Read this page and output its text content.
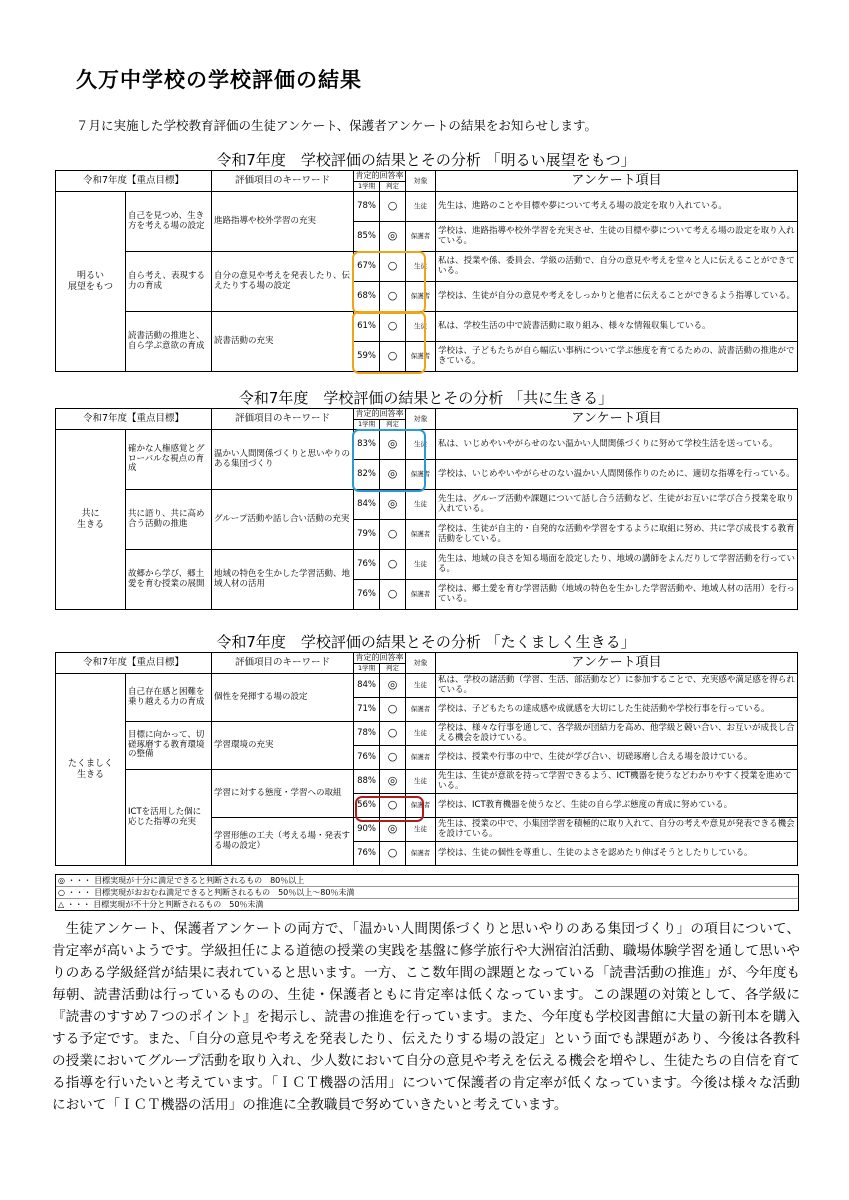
久万中学校の学校評価の結果

７月に実施した学校教育評価の生徒アンケート、保護者アンケートの結果をお知らせします。

令和7年度　学校評価の結果とその分析 「明るい展望をもつ」
令和7年度【重点目標】		評価項目のキーワード	肯定的回答率
1学期 判定		対象	アンケート項目
明るい
展望をもつ	自己を見つめ、生き方を考える場の設定	進路指導や校外学習の充実	78%	○	生徒	先生は、進路のことや目標や夢について考える場の設定を取り入れている。
			85%	◎	保護者	学校は、進路指導や校外学習を充実させ、生徒の目標や夢について考える場の設定を取り入れている。
	自ら考え、表現する力の育成	自分の意見や考えを発表したり、伝えたりする場の設定	67%	○	生徒	私は、授業や係、委員会、学級の活動で、自分の意見や考えを堂々と人に伝えることができている。
			68%	○	保護者	学校は、生徒が自分の意見や考えをしっかりと他者に伝えることができるよう指導している。
	読書活動の推進と、自ら学ぶ意欲の育成	読書活動の充実	61%	○	生徒	私は、学校生活の中で読書活動に取り組み、様々な情報収集している。
			59%	○	保護者	学校は、子どもたちが自ら幅広い事柄について学ぶ態度を育てるための、読書活動の推進ができている。
令和7年度　学校評価の結果とその分析 「共に生きる」
令和7年度【重点目標】		評価項目のキーワード	肯定的回答率
1学期 判定		対象	アンケート項目
共に
生きる	確かな人権感覚とグローバルな視点の育成	温かい人間関係づくりと思いやりのある集団づくり	83%	◎	生徒	私は、いじめやいやがらせのない温かい人間関係づくりに努めて学校生活を送っている。
			82%	◎	保護者	学校は、いじめやいやがらせのない温かい人間関係作りのために、適切な指導を行っている。
	共に語り、共に高め合う活動の推進	グループ活動や話し合い活動の充実	84%	◎	生徒	先生は、グループ活動や課題について話し合う活動など、生徒がお互いに学び合う授業を取り入れている。
			79%	○	保護者	学校は、生徒が自主的・自発的な活動や学習をするように取組に努め、共に学び成長する教育活動をしている。
	故郷から学び、郷土愛を育む授業の展開	地域の特色を生かした学習活動、地域人材の活用	76%	○	生徒	先生は、地域の良さを知る場面を設定したり、地域の講師をよんだりして学習活動を行っている。
			76%	○	保護者	学校は、郷土愛を育む学習活動（地域の特色を生かした学習活動や、地域人材の活用）を行っている。
令和7年度　学校評価の結果とその分析 「たくましく生きる」
令和7年度【重点目標】		評価項目のキーワード	肯定的回答率
1学期 判定		対象	アンケート項目
たくましく
生きる	自己存在感と困難を乗り越える力の育成	個性を発揮する場の設定	84%	◎	生徒	私は、学校の諸活動（学習、生活、部活動など）に参加することで、充実感や満足感を得られている。
			71%	○	保護者	学校は、子どもたちの達成感や成就感を大切にした生徒活動や学校行事を行っている。
	目標に向かって、切磋琢磨する教育環境の整備	学習環境の充実	78%	○	生徒	学校は、様々な行事を通して、各学級が団結力を高め、他学級と競い合い、お互いが成長し合える機会を設けている。
			76%	○	保護者	学校は、授業や行事の中で、生徒が学び合い、切磋琢磨し合える場を設けている。
	ICTを活用した個に応じた指導の充実	学習に対する態度・学習への取組	88%	◎	生徒	先生は、生徒が意欲を持って学習できるよう、ICT機器を使うなどわかりやすく授業を進めている。
			56%	○	保護者	学校は、ICT教育機器を使うなど、生徒の自ら学ぶ態度の育成に努めている。
		学習形態の工夫（考える場・発表する場の設定）	90%	◎	生徒	先生は、授業の中で、小集団学習を積極的に取り入れて、自分の考えや意見が発表できる機会を設けている。
			76%	○	保護者	学校は、生徒の個性を尊重し、生徒のよさを認めたり伸ばそうとしたりしている。
◎ ・・・ 目標実現が十分に満足できると判断されるもの　80％以上
○ ・・・ 目標実現がおおむね満足できると判断されるもの　50％以上～80％未満
△ ・・・ 目標実現が不十分と判断されるもの　50％未満

生徒アンケート、保護者アンケートの両方で、「温かい人間関係づくりと思いやりのある集団づくり」の項目について、肯定率が高いようです。学級担任による道徳の授業の実践を基盤に修学旅行や大洲宿泊活動、職場体験学習を通して思いやりのある学級経営が結果に表れていると思います。一方、ここ数年間の課題となっている「読書活動の推進」が、今年度も毎朝、読書活動は行っているものの、生徒・保護者ともに肯定率は低くなっています。この課題の対策として、各学級に『読書のすすめ７つのポイント』を掲示し、読書の推進を行っています。また、今年度も学校図書館に大量の新刊本を購入する予定です。また、「自分の意見や考えを発表したり、伝えたりする場の設定」という面でも課題があり、今後は各教科の授業においてグループ活動を取り入れ、少人数において自分の意見や考えを伝える機会を増やし、生徒たちの自信を育てる指導を行いたいと考えています。「ＩＣＴ機器の活用」について保護者の肯定率が低くなっています。今後は様々な活動において「ＩＣＴ機器の活用」の推進に全教職員で努めていきたいと考えています。
